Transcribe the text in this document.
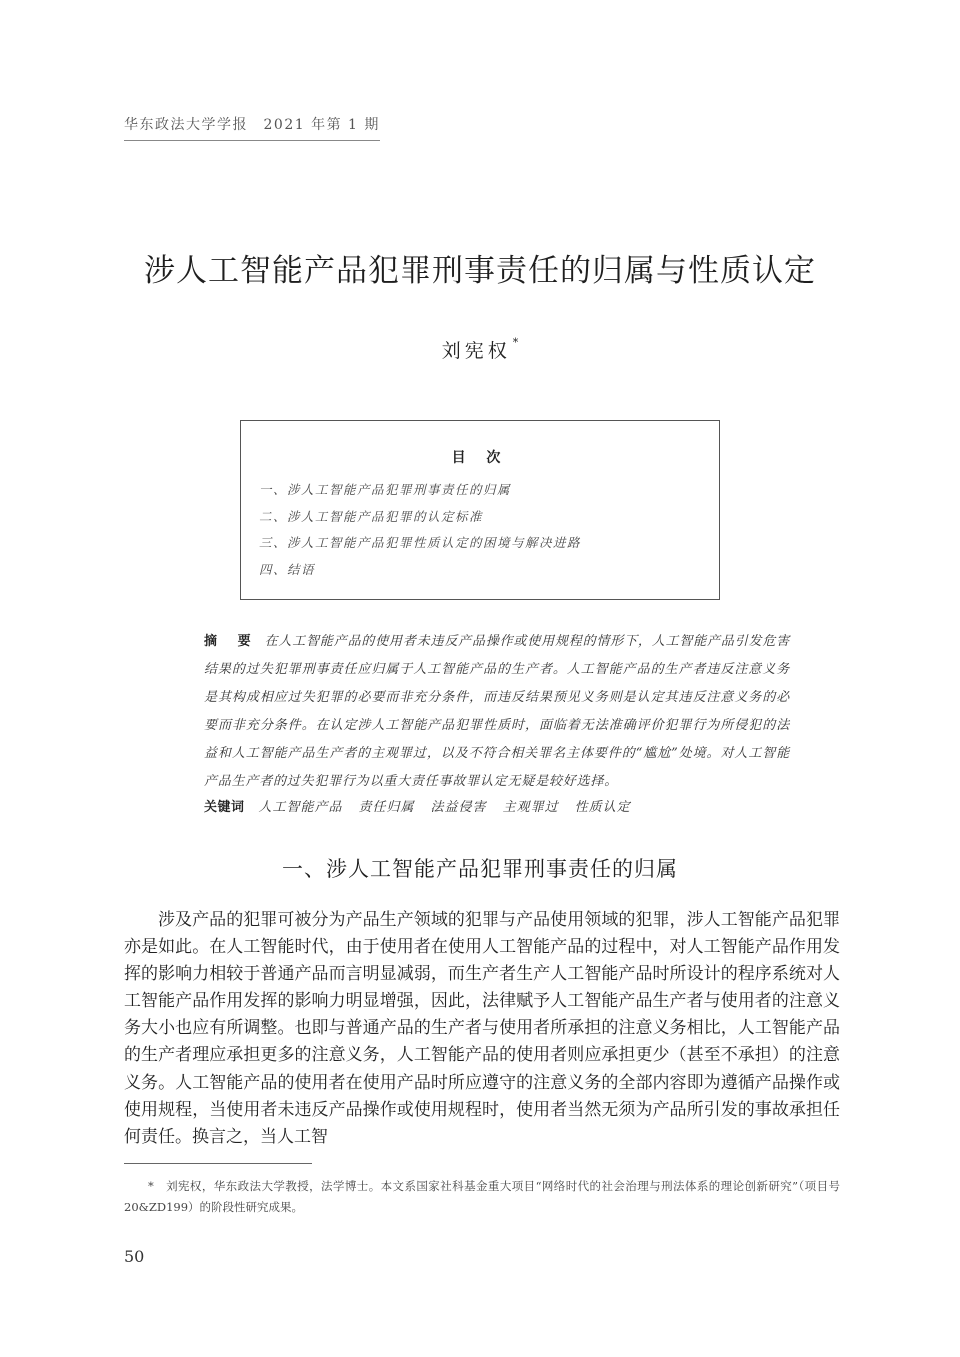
华东政法大学学报　2021 年第 1 期
涉人工智能产品犯罪刑事责任的归属与性质认定
刘宪权 *
目 次
一、涉人工智能产品犯罪刑事责任的归属
二、涉人工智能产品犯罪的认定标准
三、涉人工智能产品犯罪性质认定的困境与解决进路
四、结语
摘 要 在人工智能产品的使用者未违反产品操作或使用规程的情形下，人工智能产品引发危害结果的过失犯罪刑事责任应归属于人工智能产品的生产者。人工智能产品的生产者违反注意义务是其构成相应过失犯罪的必要而非充分条件，而违反结果预见义务则是认定其违反注意义务的必要而非充分条件。在认定涉人工智能产品犯罪性质时，面临着无法准确评价犯罪行为所侵犯的法益和人工智能产品生产者的主观罪过，以及不符合相关罪名主体要件的“尴尬”处境。对人工智能产品生产者的过失犯罪行为以重大责任事故罪认定无疑是较好选择。
关键词 人工智能产品 责任归属 法益侵害 主观罪过 性质认定
一、涉人工智能产品犯罪刑事责任的归属

涉及产品的犯罪可被分为产品生产领域的犯罪与产品使用领域的犯罪，涉人工智能产品犯罪亦是如此。在人工智能时代，由于使用者在使用人工智能产品的过程中，对人工智能产品作用发挥的影响力相较于普通产品而言明显减弱，而生产者生产人工智能产品时所设计的程序系统对人工智能产品作用发挥的影响力明显增强，因此，法律赋予人工智能产品生产者与使用者的注意义务大小也应有所调整。也即与普通产品的生产者与使用者所承担的注意义务相比，人工智能产品的生产者理应承担更多的注意义务，人工智能产品的使用者则应承担更少（甚至不承担）的注意义务。人工智能产品的使用者在使用产品时所应遵守的注意义务的全部内容即为遵循产品操作或使用规程，当使用者未违反产品操作或使用规程时，使用者当然无须为产品所引发的事故承担任何责任。换言之，当人工智

*　刘宪权，华东政法大学教授，法学博士。本文系国家社科基金重大项目“网络时代的社会治理与刑法体系的理论创新研究”（项目号 20&ZD199）的阶段性研究成果。

50
